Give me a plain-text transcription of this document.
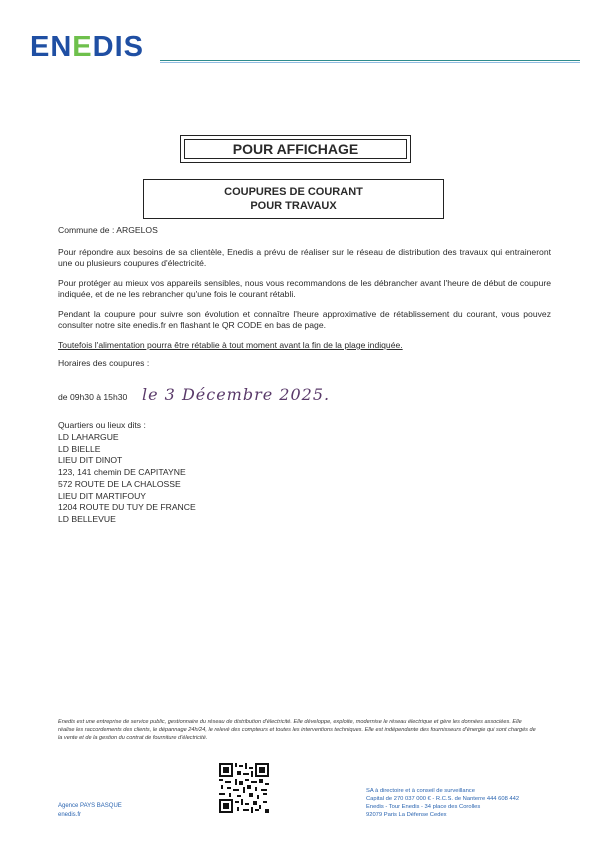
ENEDIS
POUR AFFICHAGE
COUPURES DE COURANT
POUR TRAVAUX
Commune de : ARGELOS
Pour répondre aux besoins de sa clientèle, Enedis a prévu de réaliser sur le réseau de distribution des travaux qui entraineront une ou plusieurs coupures d'électricité.
Pour protéger au mieux vos appareils sensibles, nous vous recommandons de les débrancher avant l'heure de début de coupure indiquée, et de ne les rebrancher qu'une fois le courant rétabli.
Pendant la coupure pour suivre son évolution et connaître l'heure approximative de rétablissement du courant, vous pouvez consulter notre site enedis.fr en flashant le QR CODE en bas de page.
Toutefois l'alimentation pourra être rétablie à tout moment avant la fin de la plage indiquée.
Horaires des coupures :
de 09h30 à 15h30 le 3 Décembre 2025.
Quartiers ou lieux dits :
LD LAHARGUE
LD BIELLE
LIEU DIT DINOT
123, 141 chemin DE CAPITAYNE
572 ROUTE DE LA CHALOSSE
LIEU DIT MARTIFOUY
1204 ROUTE DU TUY DE FRANCE
LD BELLEVUE
Enedis est une entreprise de service public, gestionnaire du réseau de distribution d'électricité. Elle développe, exploite, modernise le réseau électrique et gère les données associées. Elle réalise les raccordements des clients, le dépannage 24h/24, le relevé des compteurs et toutes les interventions techniques. Elle est indépendante des fournisseurs d'énergie qui sont chargés de la vente et de la gestion du contrat de fourniture d'électricité.
Agence PAYS BASQUE
enedis.fr
SA à directoire et à conseil de surveillance
Capital de 270 037 000 € - R.C.S. de Nanterre 444 608 442
Enedis - Tour Enedis - 34 place des Corolles
92079 Paris La Défense Cedex
